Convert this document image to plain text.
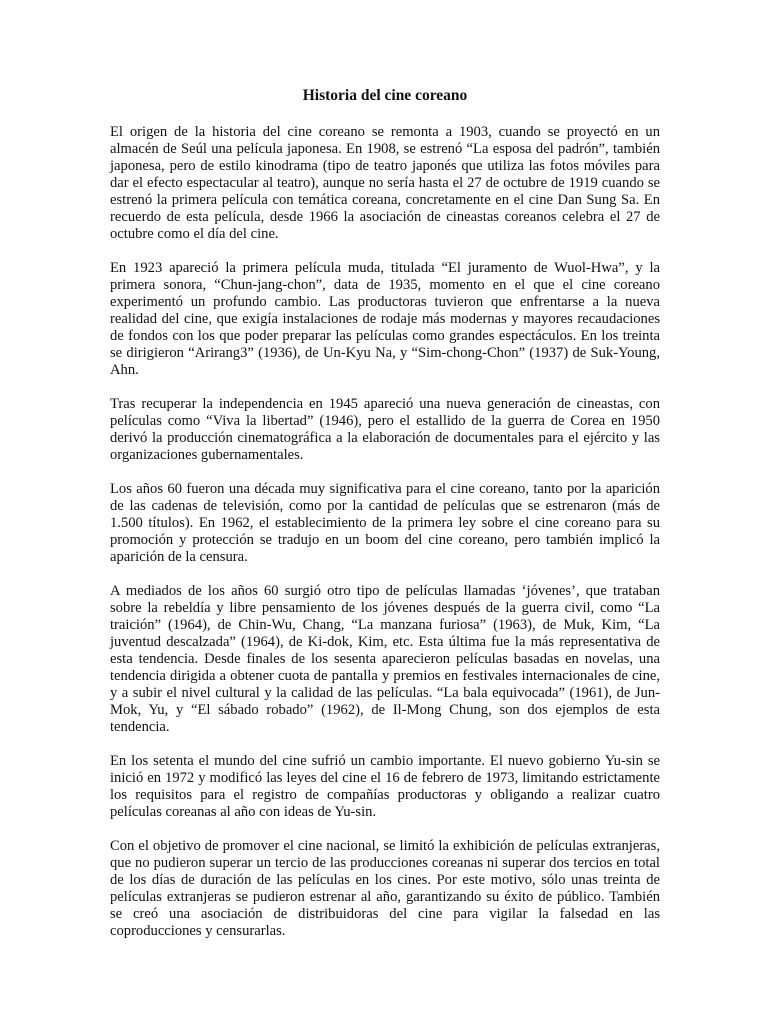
Historia del cine coreano

El origen de la historia del cine coreano se remonta a 1903, cuando se proyectó en un almacén de Seúl una película japonesa. En 1908, se estrenó “La esposa del padrón”, también japonesa, pero de estilo kinodrama (tipo de teatro japonés que utiliza las fotos móviles para dar el efecto espectacular al teatro), aunque no sería hasta el 27 de octubre de 1919 cuando se estrenó la primera película con temática coreana, concretamente en el cine Dan Sung Sa. En recuerdo de esta película, desde 1966 la asociación de cineastas coreanos celebra el 27 de octubre como el día del cine.

En 1923 apareció la primera película muda, titulada “El juramento de Wuol-Hwa”, y la primera sonora, “Chun-jang-chon”, data de 1935, momento en el que el cine coreano experimentó un profundo cambio. Las productoras tuvieron que enfrentarse a la nueva realidad del cine, que exigía instalaciones de rodaje más modernas y mayores recaudaciones de fondos con los que poder preparar las películas como grandes espectáculos. En los treinta se dirigieron “Arirang3” (1936), de Un-Kyu Na, y “Sim-chong-Chon” (1937) de Suk-Young, Ahn.

Tras recuperar la independencia en 1945 apareció una nueva generación de cineastas, con películas como “Viva la libertad” (1946), pero el estallido de la guerra de Corea en 1950 derivó la producción cinematográfica a la elaboración de documentales para el ejército y las organizaciones gubernamentales.

Los años 60 fueron una década muy significativa para el cine coreano, tanto por la aparición de las cadenas de televisión, como por la cantidad de películas que se estrenaron (más de 1.500 títulos). En 1962, el establecimiento de la primera ley sobre el cine coreano para su promoción y protección se tradujo en un boom del cine coreano, pero también implicó la aparición de la censura.

A mediados de los años 60 surgió otro tipo de películas llamadas ‘jóvenes’, que trataban sobre la rebeldía y libre pensamiento de los jóvenes después de la guerra civil, como “La traición” (1964), de Chin-Wu, Chang, “La manzana furiosa” (1963), de Muk, Kim, “La juventud descalzada” (1964), de Ki-dok, Kim, etc. Esta última fue la más representativa de esta tendencia. Desde finales de los sesenta aparecieron películas basadas en novelas, una tendencia dirigida a obtener cuota de pantalla y premios en festivales internacionales de cine, y a subir el nivel cultural y la calidad de las películas. “La bala equivocada” (1961), de Jun-Mok, Yu, y “El sábado robado” (1962), de Il-Mong Chung, son dos ejemplos de esta tendencia.

En los setenta el mundo del cine sufrió un cambio importante. El nuevo gobierno Yu-sin se inició en 1972 y modificó las leyes del cine el 16 de febrero de 1973, limitando estrictamente los requisitos para el registro de compañías productoras y obligando a realizar cuatro películas coreanas al año con ideas de Yu-sin.

Con el objetivo de promover el cine nacional, se limitó la exhibición de películas extranjeras, que no pudieron superar un tercio de las producciones coreanas ni superar dos tercios en total de los días de duración de las películas en los cines. Por este motivo, sólo unas treinta de películas extranjeras se pudieron estrenar al año, garantizando su éxito de público. También se creó una asociación de distribuidoras del cine para vigilar la falsedad en las coproducciones y censurarlas.
